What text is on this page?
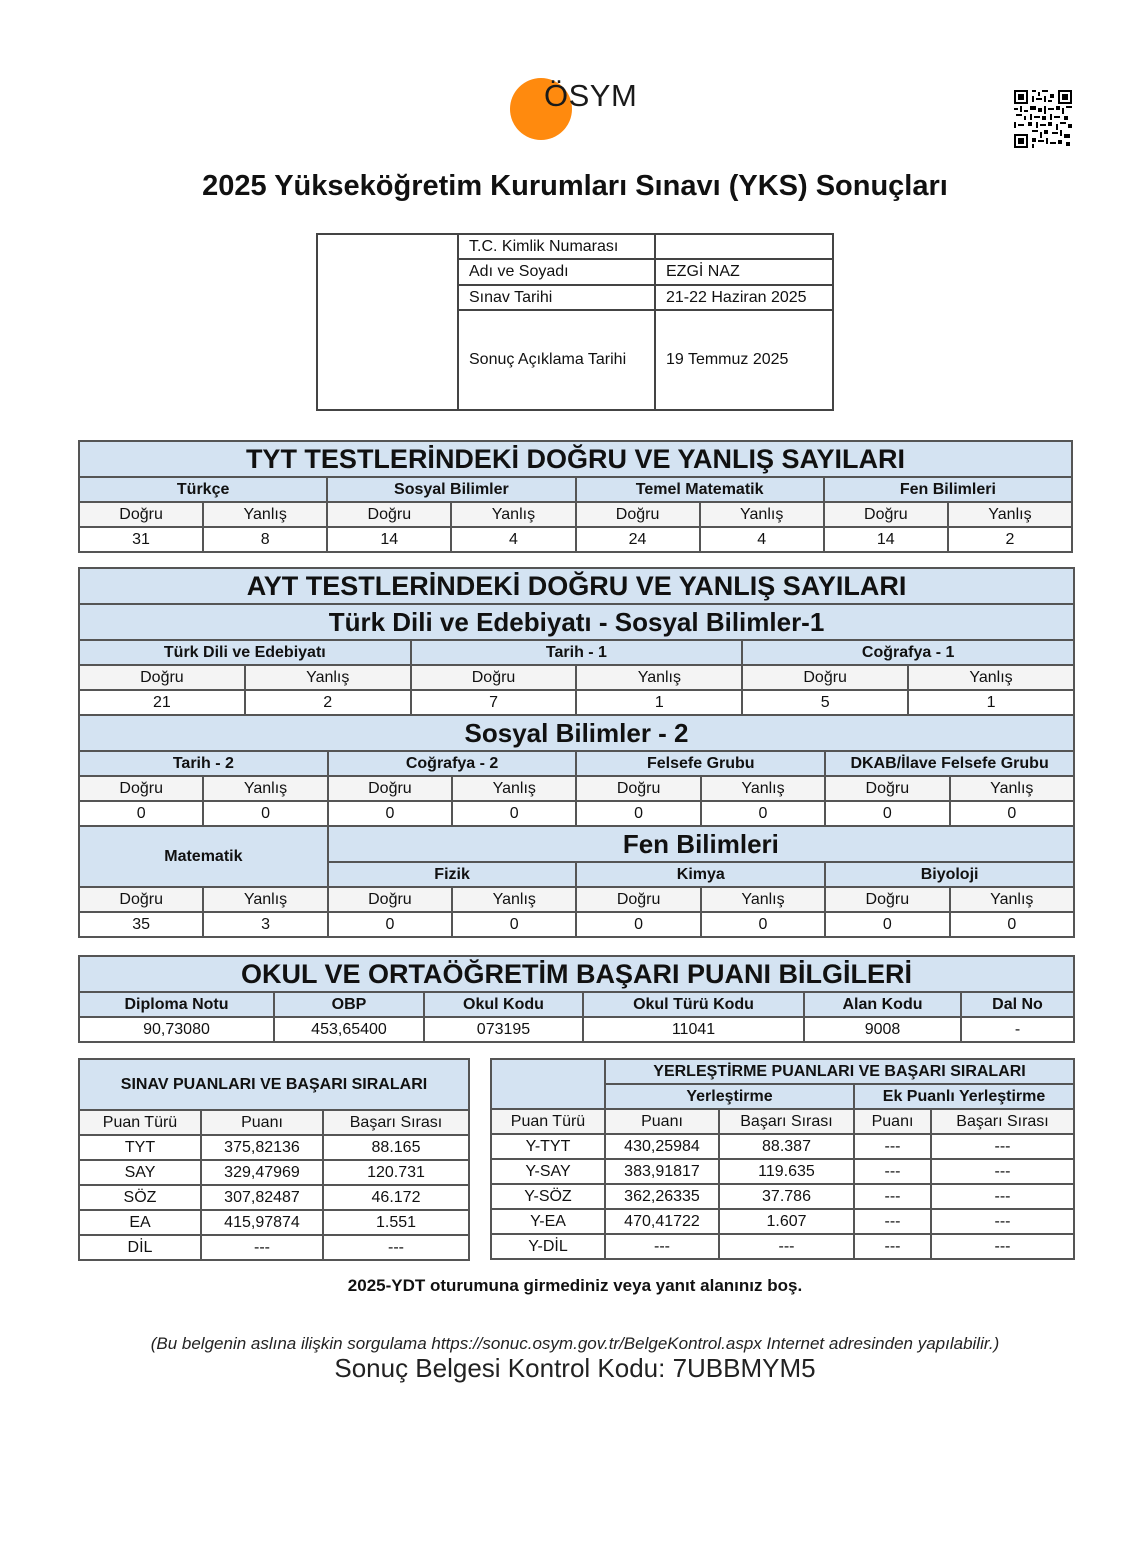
ÖSYM
2025 Yükseköğretim Kurumları Sınavı (YKS) Sonuçları
	T.C. Kimlik Numarası	
	Adı ve Soyadı	EZGİ NAZ
	Sınav Tarihi	21-22 Haziran 2025
	Sonuç Açıklama Tarihi	19 Temmuz 2025
TYT TESTLERİNDEKİ DOĞRU VE YANLIŞ SAYILARI							
Türkçe		Sosyal Bilimler		Temel Matematik		Fen Bilimleri	
Doğru	Yanlış	Doğru	Yanlış	Doğru	Yanlış	Doğru	Yanlış
31	8	14	4	24	4	14	2
AYT TESTLERİNDEKİ DOĞRU VE YANLIŞ SAYILARI											
Türk Dili ve Edebiyatı - Sosyal Bilimler-1											
Türk Dili ve Edebiyatı				Tarih - 1				Coğrafya - 1			
Doğru		Yanlış		Doğru		Yanlış		Doğru		Yanlış	
21		2		7		1		5		1	
Sosyal Bilimler - 2											
Tarih - 2			Coğrafya - 2			Felsefe Grubu			DKAB/İlave Felsefe Grubu		
Doğru	Yanlış		Doğru		Yanlış	Doğru	Yanlış		Doğru		Yanlış
0	0		0		0	0	0		0		0
Matematik			Fen Bilimleri								
			Fizik			Kimya			Biyoloji		
Doğru	Yanlış		Doğru		Yanlış	Doğru	Yanlış		Doğru		Yanlış
35	3		0		0	0	0		0		0
OKUL VE ORTAÖĞRETİM BAŞARI PUANI BİLGİLERİ					
Diploma Notu	OBP	Okul Kodu	Okul Türü Kodu	Alan Kodu	Dal No
90,73080	453,65400	073195	11041	9008	-
SINAV PUANLARI VE BAŞARI SIRALARI		
Puan Türü	Puanı	Başarı Sırası
TYT	375,82136	88.165
SAY	329,47969	120.731
SÖZ	307,82487	46.172
EA	415,97874	1.551
DİL	---	---
	YERLEŞTİRME PUANLARI VE BAŞARI SIRALARI			
	Yerleştirme		Ek Puanlı Yerleştirme	
Puan Türü	Puanı	Başarı Sırası	Puanı	Başarı Sırası
Y-TYT	430,25984	88.387	---	---
Y-SAY	383,91817	119.635	---	---
Y-SÖZ	362,26335	37.786	---	---
Y-EA	470,41722	1.607	---	---
Y-DİL	---	---	---	---
2025-YDT oturumuna girmediniz veya yanıt alanınız boş.
(Bu belgenin aslına ilişkin sorgulama https://sonuc.osym.gov.tr/BelgeKontrol.aspx Internet adresinden yapılabilir.)
Sonuç Belgesi Kontrol Kodu: 7UBBMYM5
